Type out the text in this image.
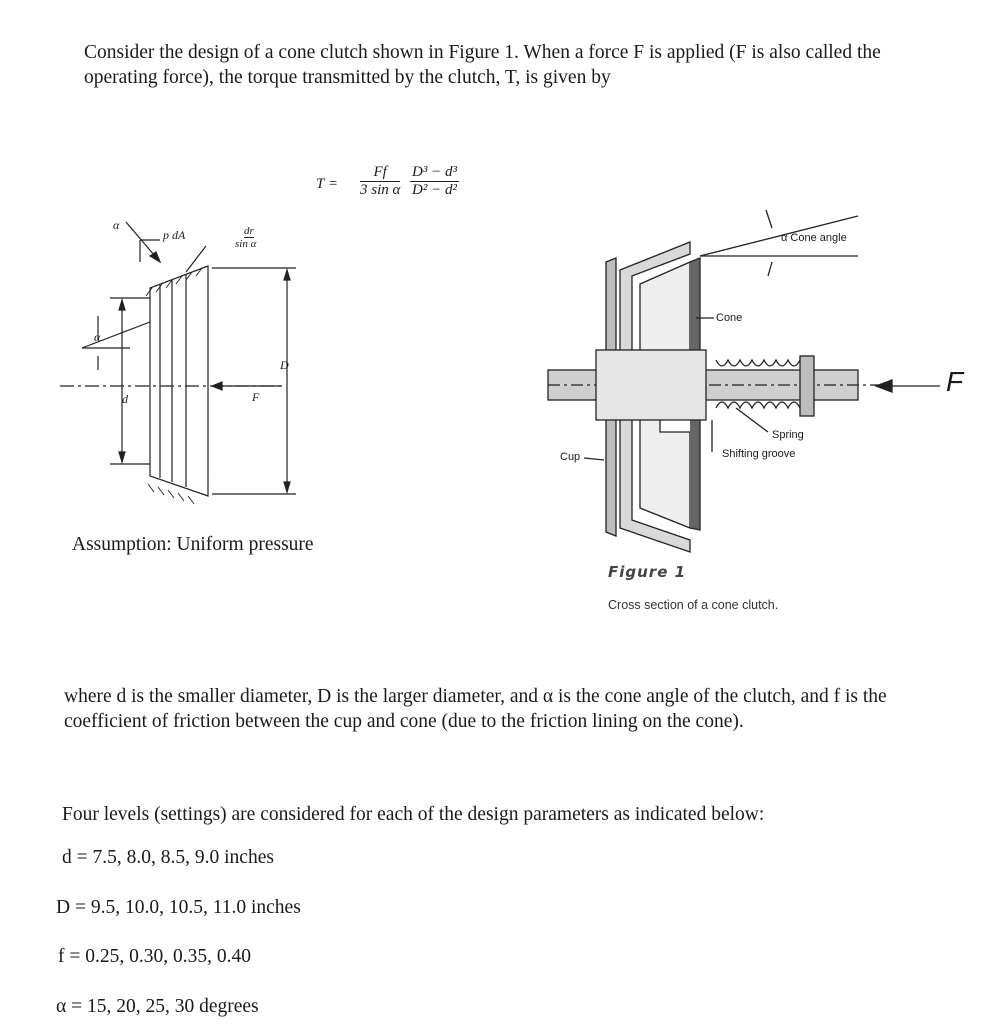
Consider the design of a cone clutch shown in Figure 1. When a force F is applied (F is also called the operating force), the torque transmitted by the clutch, T, is given by

$T = \frac{Ff}{\text{3 sin α}} \frac{\text{D³ − d³}}{\text{D² − d²}}$
α
p dA	dr
sin α
α
d
D
F
Assumption: Uniform pressure
α Cone angle
Cone
Spring
Shifting groove
Cup
F
Figure 1
Cross section of a cone clutch.

where d is the smaller diameter, D is the larger diameter, and α is the cone angle of the clutch, and f is the coefficient of friction between the cup and cone (due to the friction lining on the cone).

Four levels (settings) are considered for each of the design parameters as indicated below:

d = 7.5, 8.0, 8.5, 9.0 inches

D = 9.5, 10.0, 10.5, 11.0 inches

f = 0.25, 0.30, 0.35, 0.40

α = 15, 20, 25, 30 degrees
